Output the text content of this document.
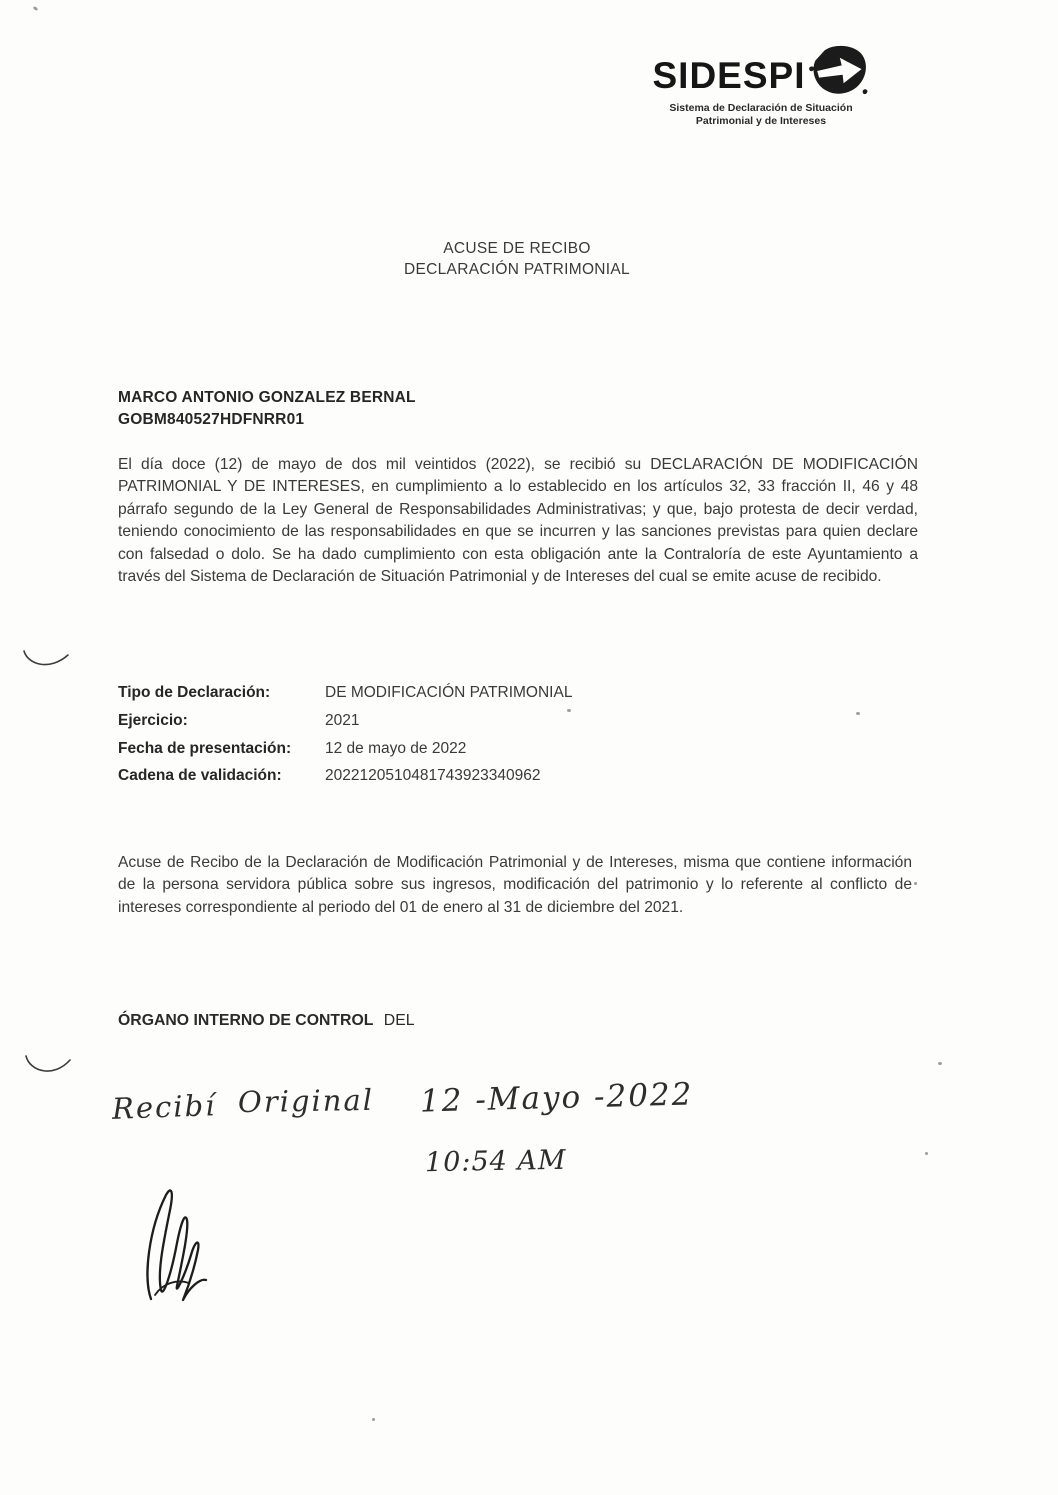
SIDESPI
Sistema de Declaración de Situación
Patrimonial y de Intereses
ACUSE DE RECIBO
DECLARACIÓN PATRIMONIAL
MARCO ANTONIO GONZALEZ BERNAL
GOBM840527HDFNRR01

El día doce (12) de mayo de dos mil veintidos (2022), se recibió su DECLARACIÓN DE MODIFICACIÓN PATRIMONIAL Y DE INTERESES, en cumplimiento a lo establecido en los artículos 32, 33 fracción II, 46 y 48 párrafo segundo de la Ley General de Responsabilidades Administrativas; y que, bajo protesta de decir verdad, teniendo conocimiento de las responsabilidades en que se incurren y las sanciones previstas para quien declare con falsedad o dolo. Se ha dado cumplimiento con esta obligación ante la Contraloría de este Ayuntamiento a través del Sistema de Declaración de Situación Patrimonial y de Intereses del cual se emite acuse de recibido.

Tipo de Declaración:	DE MODIFICACIÓN PATRIMONIAL
Ejercicio:	2021
Fecha de presentación:	12 de mayo de 2022
Cadena de validación:	2022120510481743923340962

Acuse de Recibo de la Declaración de Modificación Patrimonial y de Intereses, misma que contiene información de la persona servidora pública sobre sus ingresos, modificación del patrimonio y lo referente al conflicto de intereses correspondiente al periodo del 01 de enero al 31 de diciembre del 2021.

ÓRGANO INTERNO DE CONTROL DEL
Recibí Original 12 -Mayo -2022
10:54 AM
